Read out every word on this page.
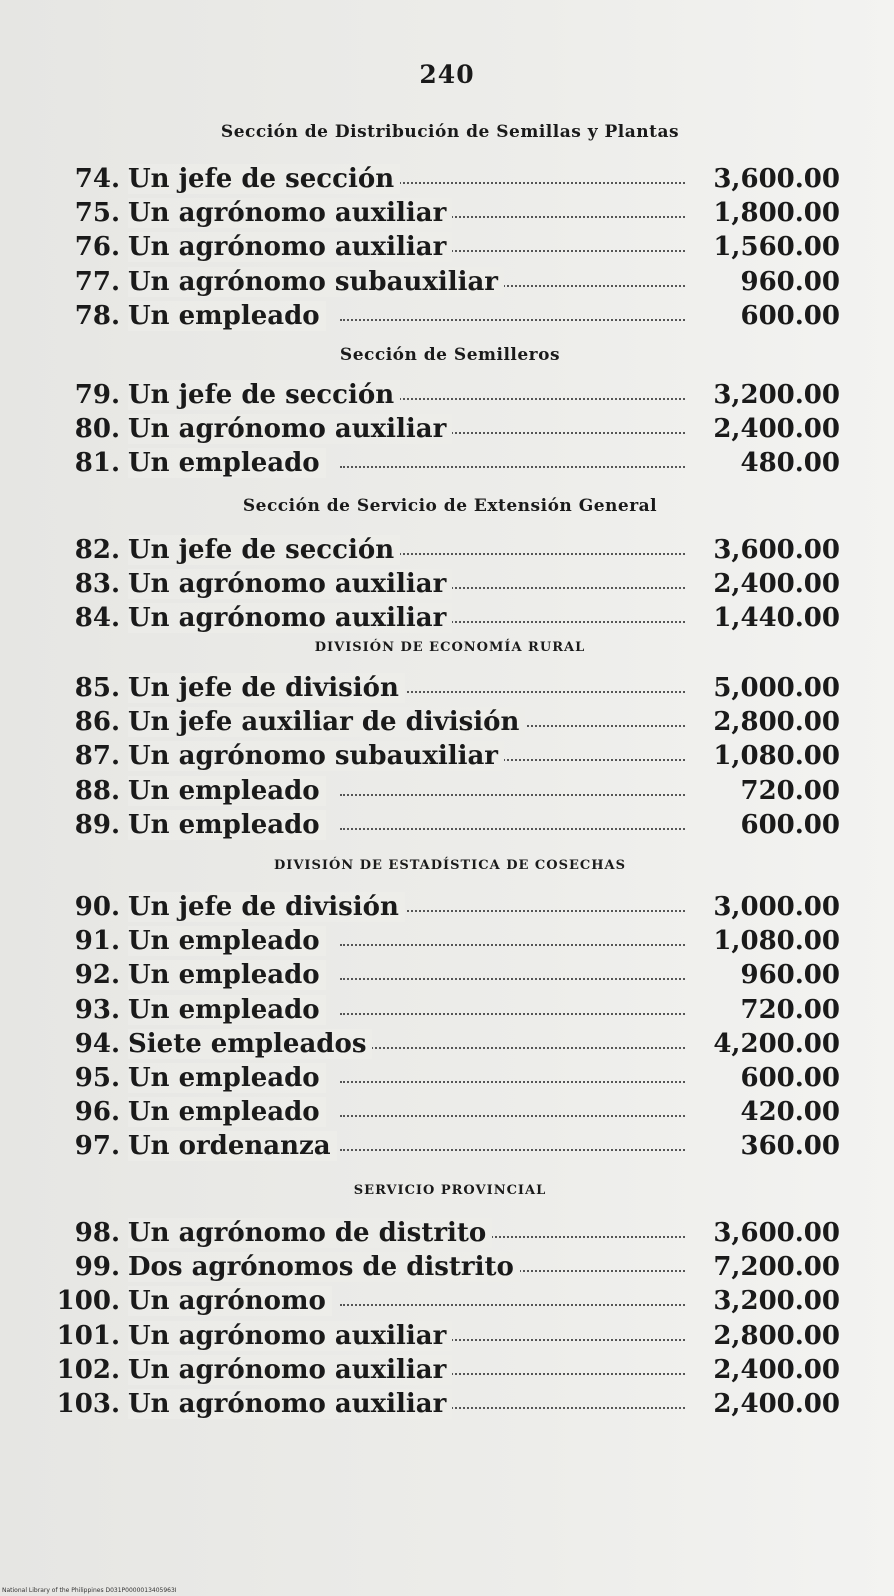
240
Sección de Distribución de Semillas y Plantas
74. Un jefe de sección	3,600.00
75. Un agrónomo auxiliar	1,800.00
76. Un agrónomo auxiliar	1,560.00
77. Un agrónomo subauxiliar	960.00
78. Un empleado	600.00
Sección de Semilleros
79. Un jefe de sección	3,200.00
80. Un agrónomo auxiliar	2,400.00
81. Un empleado	480.00
Sección de Servicio de Extensión General
82. Un jefe de sección	3,600.00
83. Un agrónomo auxiliar	2,400.00
84. Un agrónomo auxiliar	1,440.00
DIVISIÓN DE ECONOMÍA RURAL
85. Un jefe de división	5,000.00
86. Un jefe auxiliar de división	2,800.00
87. Un agrónomo subauxiliar	1,080.00
88. Un empleado	720.00
89. Un empleado	600.00
DIVISIÓN DE ESTADÍSTICA DE COSECHAS
90. Un jefe de división	3,000.00
91. Un empleado	1,080.00
92. Un empleado	960.00
93. Un empleado	720.00
94. Siete empleados	4,200.00
95. Un empleado	600.00
96. Un empleado	420.00
97. Un ordenanza	360.00
SERVICIO PROVINCIAL
98. Un agrónomo de distrito	3,600.00
99. Dos agrónomos de distrito	7,200.00
100. Un agrónomo	3,200.00
101. Un agrónomo auxiliar	2,800.00
102. Un agrónomo auxiliar	2,400.00
103. Un agrónomo auxiliar	2,400.00
National Library of the Philippines D031P0000013405963I
